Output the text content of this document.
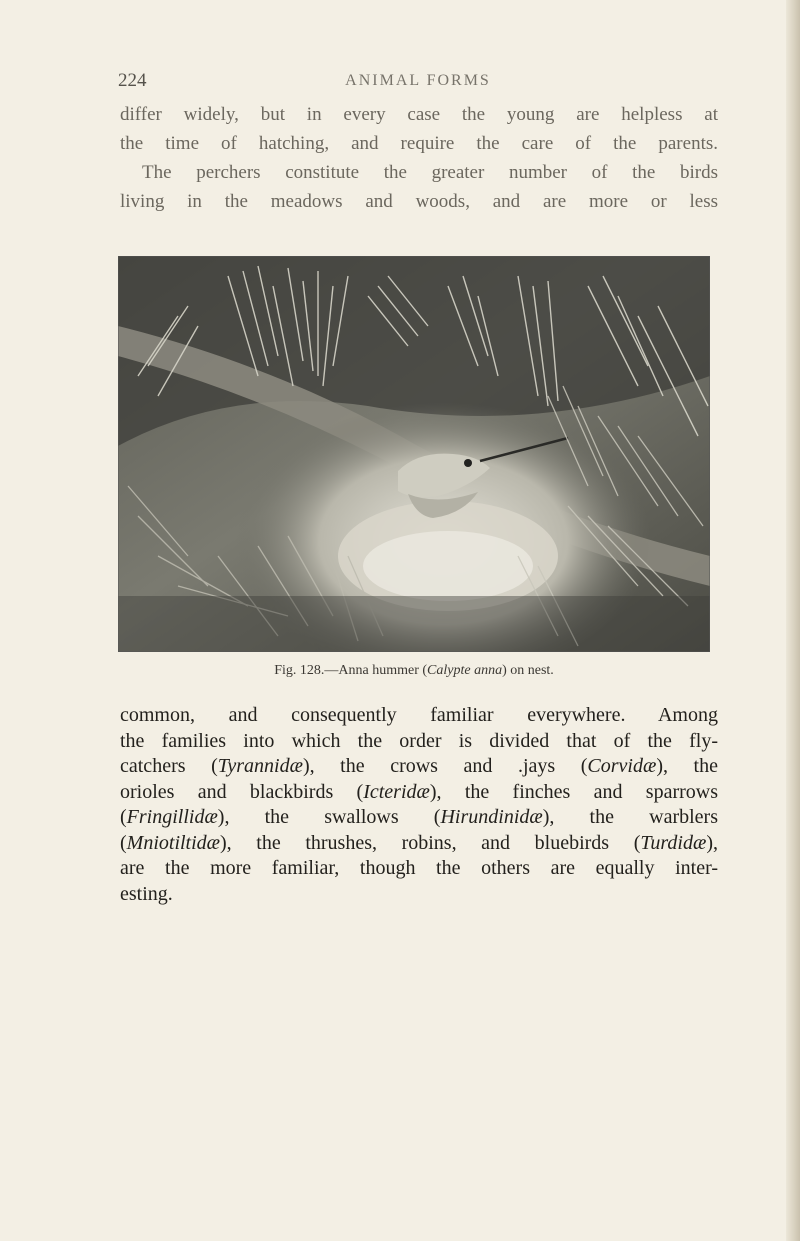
224	ANIMAL FORMS

differ widely, but in every case the young are helpless at
the time of hatching, and require the care of the parents.
The perchers constitute the greater number of the birds
living in the meadows and woods, and are more or less

Fig. 128.—Anna hummer (Calypte anna) on nest.

common, and consequently familiar everywhere. Among
the families into which the order is divided that of the fly-
catchers (Tyrannidæ), the crows and .jays (Corvidæ), the
orioles and blackbirds (Icteridæ), the finches and sparrows
(Fringillidæ), the swallows (Hirundinidæ), the warblers
(Mniotiltidæ), the thrushes, robins, and bluebirds (Turdidæ),
are the more familiar, though the others are equally inter-
esting.
